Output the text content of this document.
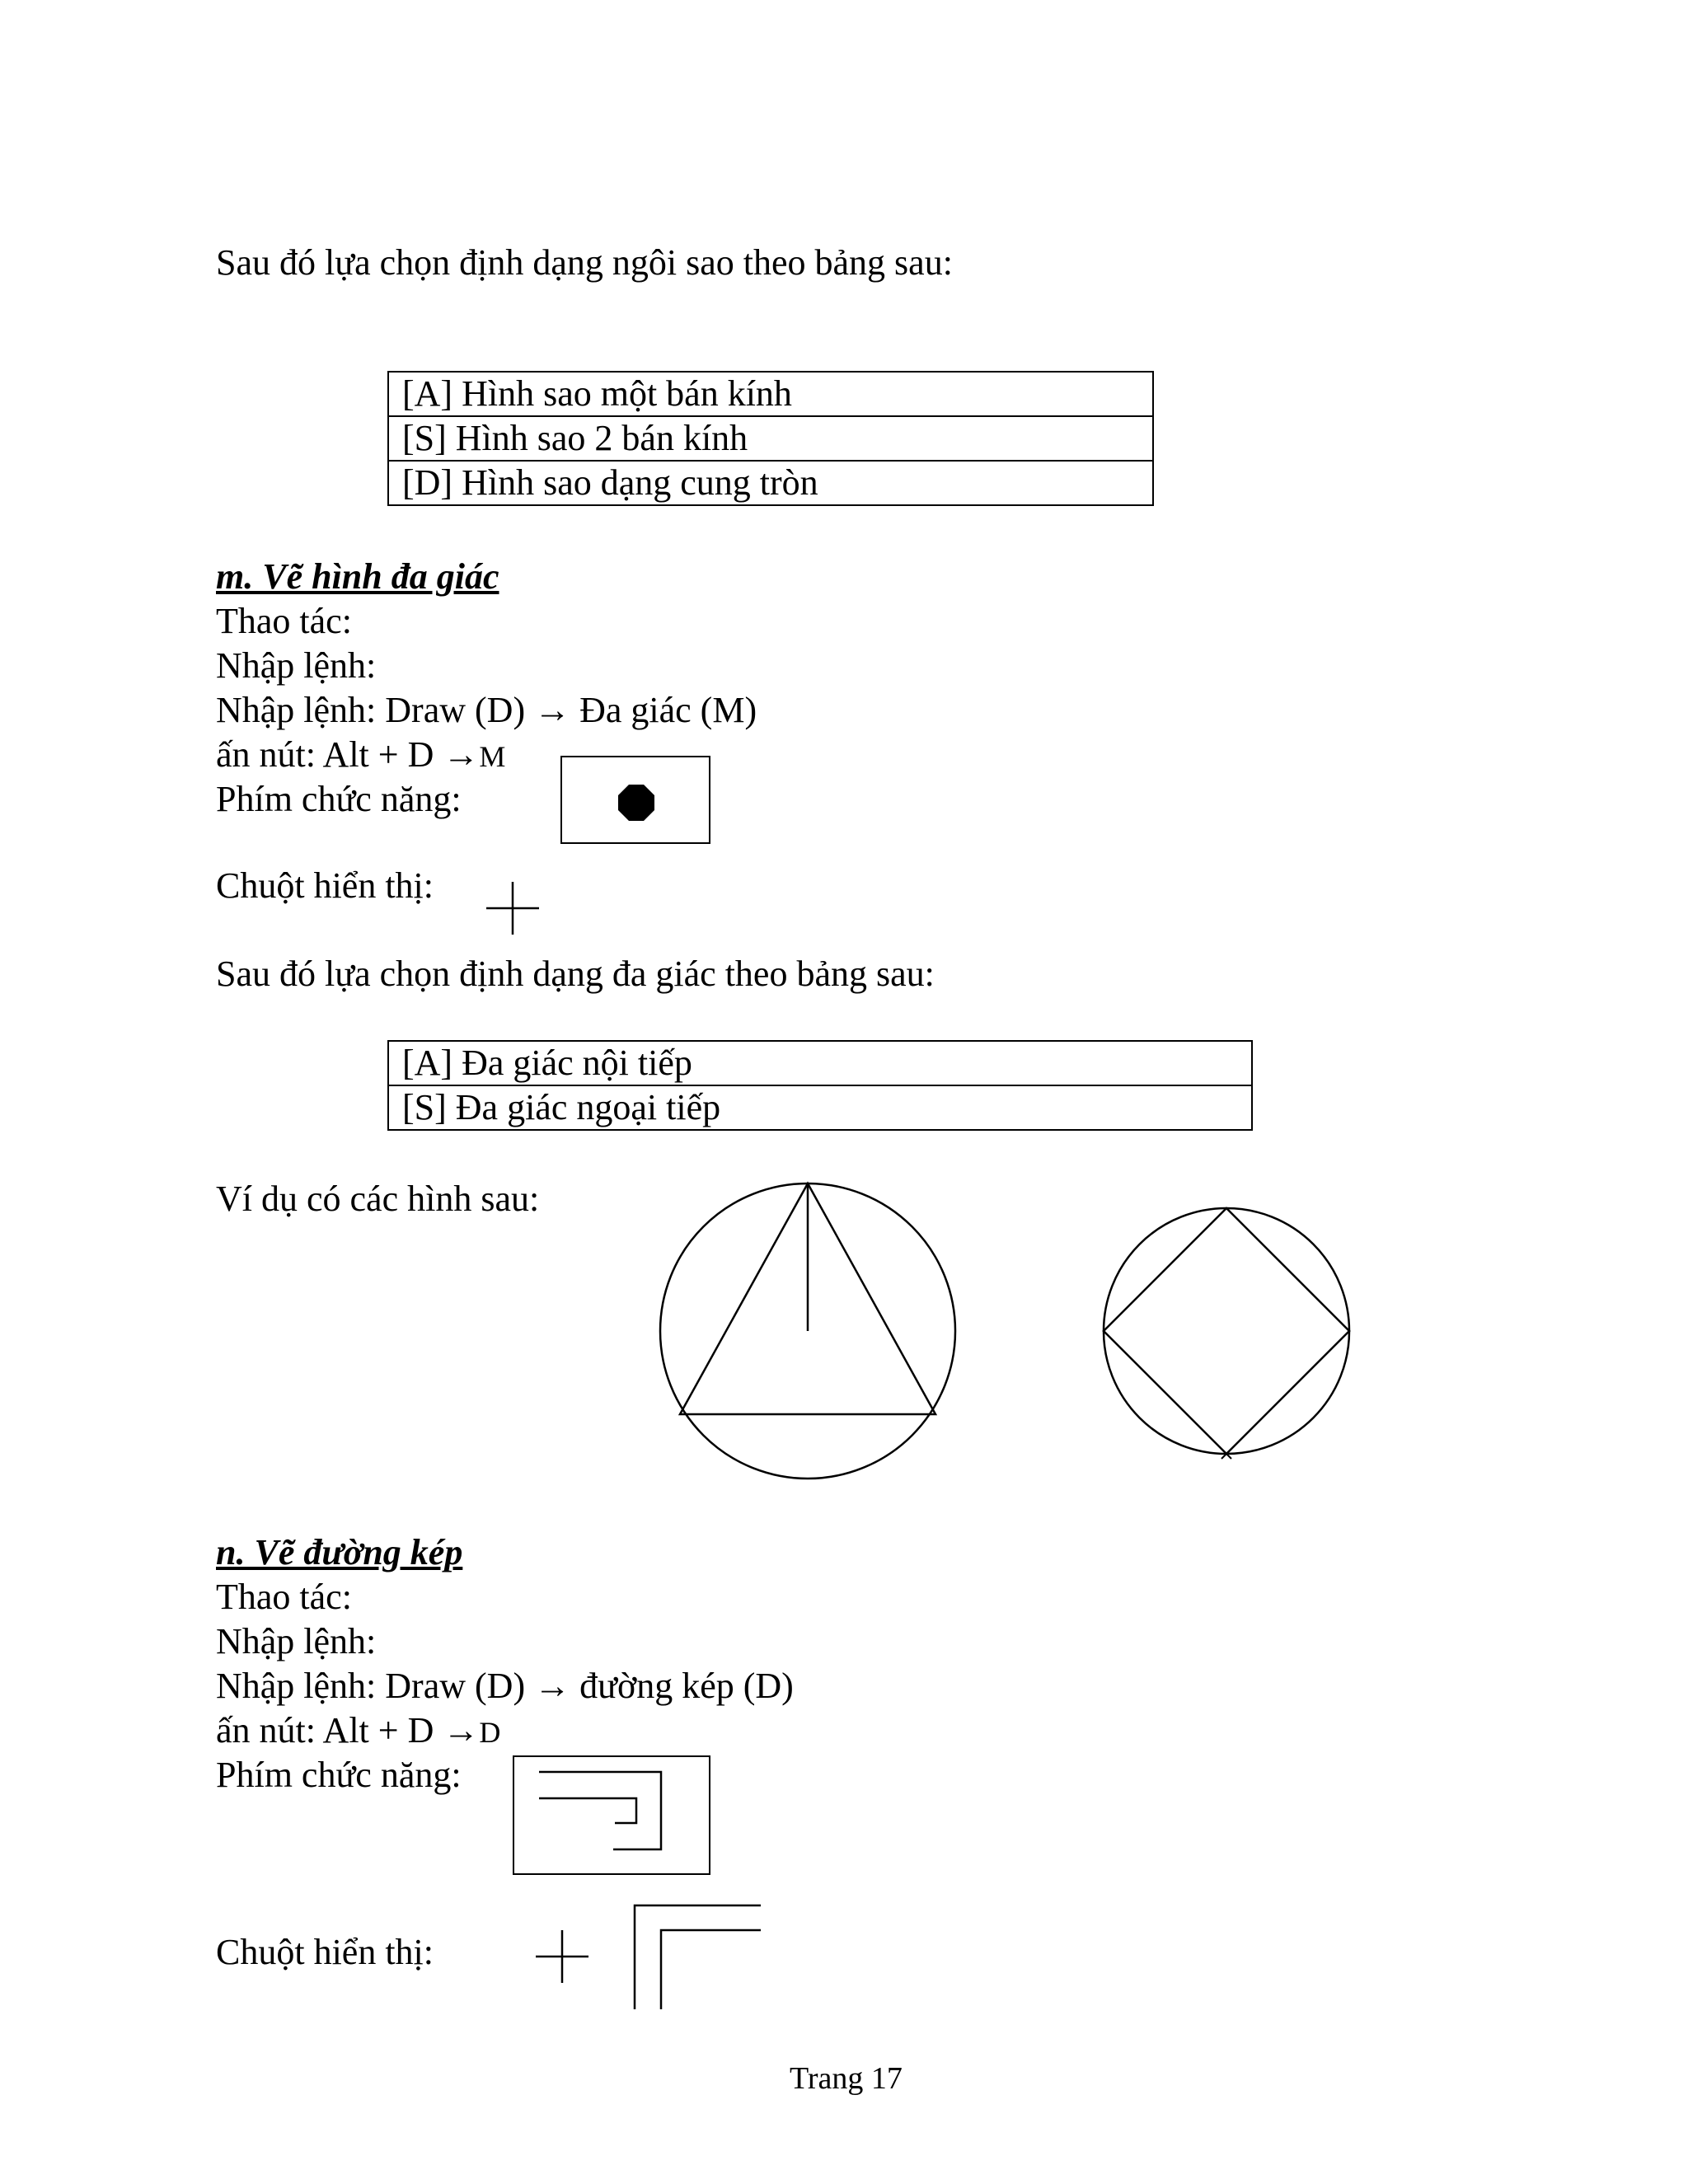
Sau đó lựa chọn định dạng ngôi sao theo bảng sau:
[A] Hình sao một bán kính
[S] Hình sao 2 bán kính
[D] Hình sao dạng cung tròn
m. Vẽ hình đa giác
Thao tác:
Nhập lệnh:
Nhập lệnh: Draw (D) → Đa giác (M)
ấn nút: Alt + D →M
Phím chức năng:
Chuột hiển thị:
Sau đó lựa chọn định dạng đa giác theo bảng sau:
[A] Đa giác nội tiếp
[S] Đa giác ngoại tiếp
Ví dụ có các hình sau:
n. Vẽ đường kép
Thao tác:
Nhập lệnh:
Nhập lệnh: Draw (D) → đường kép (D)
ấn nút: Alt + D →D
Phím chức năng:
Chuột hiển thị:
Trang 17
